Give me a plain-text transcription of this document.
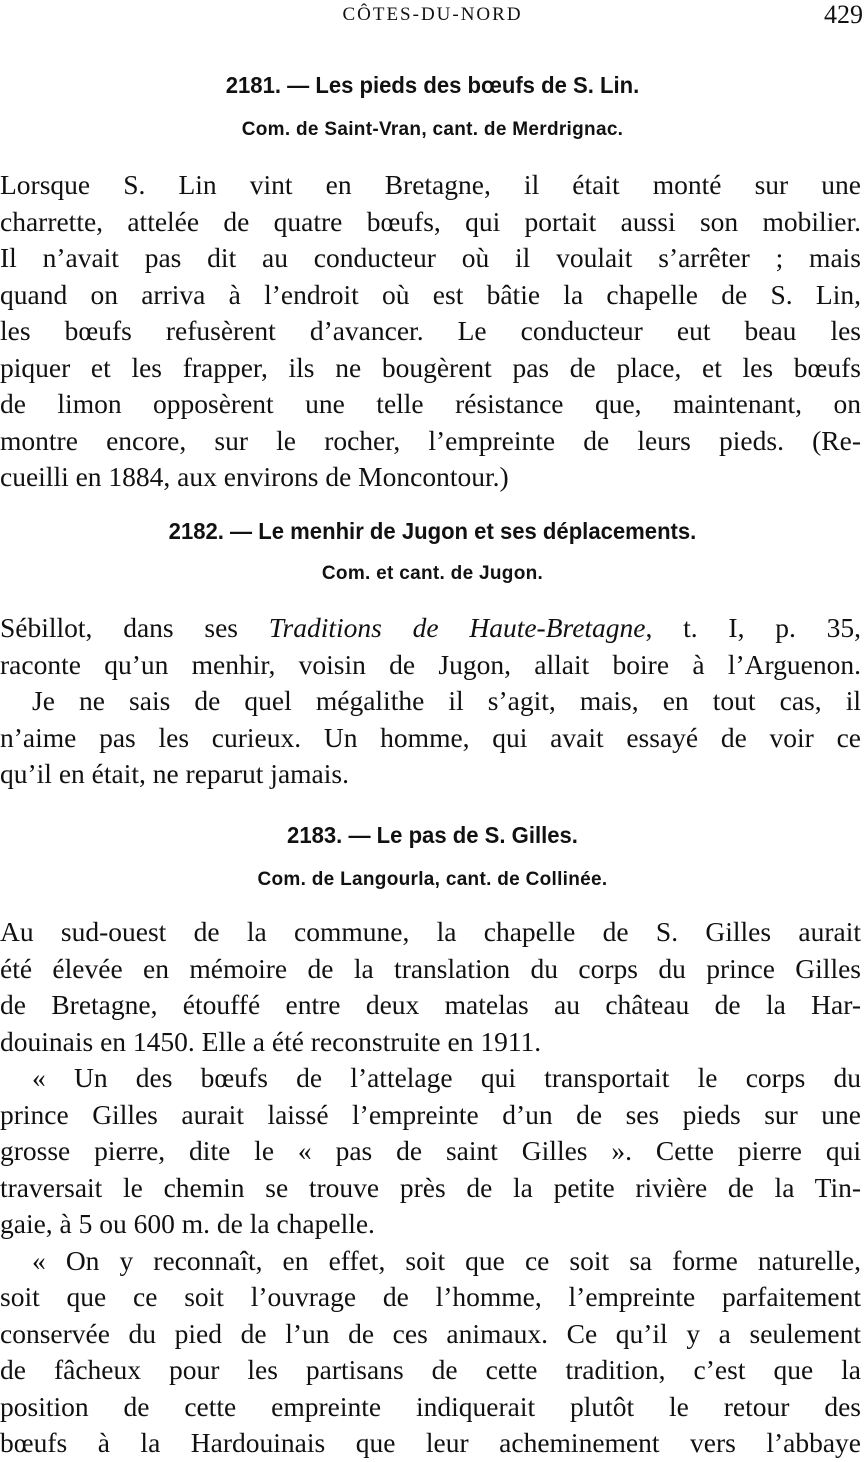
CÔTES-DU-NORD	429
2181. — Les pieds des bœufs de S. Lin.
Com. de Saint-Vran, cant. de Merdrignac.
Lorsque S. Lin vint en Bretagne, il était monté sur une
charrette, attelée de quatre bœufs, qui portait aussi son mobilier.
Il n’avait pas dit au conducteur où il voulait s’arrêter ; mais
quand on arriva à l’endroit où est bâtie la chapelle de S. Lin,
les bœufs refusèrent d’avancer. Le conducteur eut beau les
piquer et les frapper, ils ne bougèrent pas de place, et les bœufs
de limon opposèrent une telle résistance que, maintenant, on
montre encore, sur le rocher, l’empreinte de leurs pieds. (Re-
cueilli en 1884, aux environs de Moncontour.)
2182. — Le menhir de Jugon et ses déplacements.
Com. et cant. de Jugon.
Sébillot, dans ses Traditions de Haute-Bretagne, t. I, p. 35,
raconte qu’un menhir, voisin de Jugon, allait boire à l’Arguenon.
Je ne sais de quel mégalithe il s’agit, mais, en tout cas, il
n’aime pas les curieux. Un homme, qui avait essayé de voir ce
qu’il en était, ne reparut jamais.
2183. — Le pas de S. Gilles.
Com. de Langourla, cant. de Collinée.
Au sud-ouest de la commune, la chapelle de S. Gilles aurait
été élevée en mémoire de la translation du corps du prince Gilles
de Bretagne, étouffé entre deux matelas au château de la Har-
douinais en 1450. Elle a été reconstruite en 1911.
« Un des bœufs de l’attelage qui transportait le corps du
prince Gilles aurait laissé l’empreinte d’un de ses pieds sur une
grosse pierre, dite le « pas de saint Gilles ». Cette pierre qui
traversait le chemin se trouve près de la petite rivière de la Tin-
gaie, à 5 ou 600 m. de la chapelle.
« On y reconnaît, en effet, soit que ce soit sa forme naturelle,
soit que ce soit l’ouvrage de l’homme, l’empreinte parfaitement
conservée du pied de l’un de ces animaux. Ce qu’il y a seulement
de fâcheux pour les partisans de cette tradition, c’est que la
position de cette empreinte indiquerait plutôt le retour des
bœufs à la Hardouinais que leur acheminement vers l’abbaye
